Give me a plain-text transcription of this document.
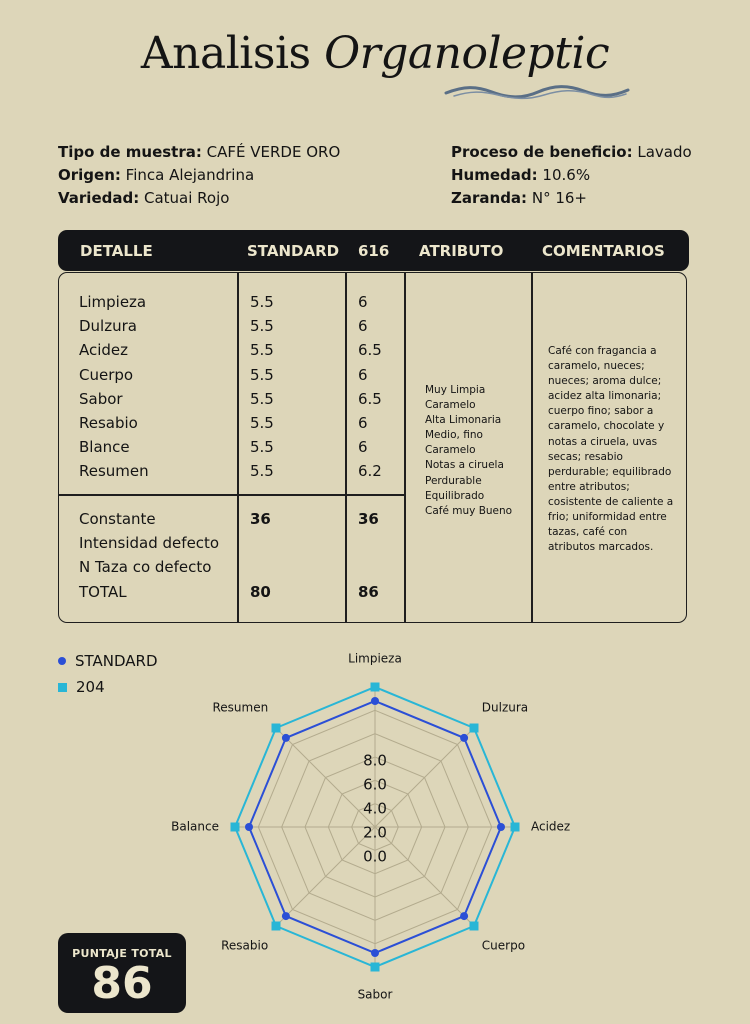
Analisis Organoleptic
Tipo de muestra: CAFÉ VERDE ORO
Origen: Finca Alejandrina
Variedad: Catuai Rojo
Proceso de beneficio: Lavado
Humedad: 10.6%
Zaranda: N° 16+
DETALLE	STANDARD 616 ATRIBUTO	COMENTARIOS
Limpieza
Dulzura
Acidez
Cuerpo
Sabor
Resabio
Blance
Resumen
5.5
5.5
5.5
5.5
5.5
5.5
5.5
5.5
6
6
6.5
6
6.5
6
6
6.2
Constante
Intensidad defecto
N Taza co defecto
TOTAL
36
80
36
86
Muy Limpia
Caramelo
Alta Limonaria
Medio, fino
Caramelo
Notas a ciruela
Perdurable
Equilibrado
Café muy Bueno
Café con fragancia a caramelo, nueces; nueces; aroma dulce; acidez alta limonaria; cuerpo fino; sabor a caramelo, chocolate y notas a ciruela, uvas secas; resabio perdurable; equilibrado entre atributos; cosistente de caliente a frio; uniformidad entre tazas, café con atributos marcados.
STANDARD
204
8.0
6.0
4.0
2.0
0.0
Limpieza
Dulzura
Acidez
Cuerpo
Sabor
Resabio
Balance
Resumen
PUNTAJE TOTAL
86
